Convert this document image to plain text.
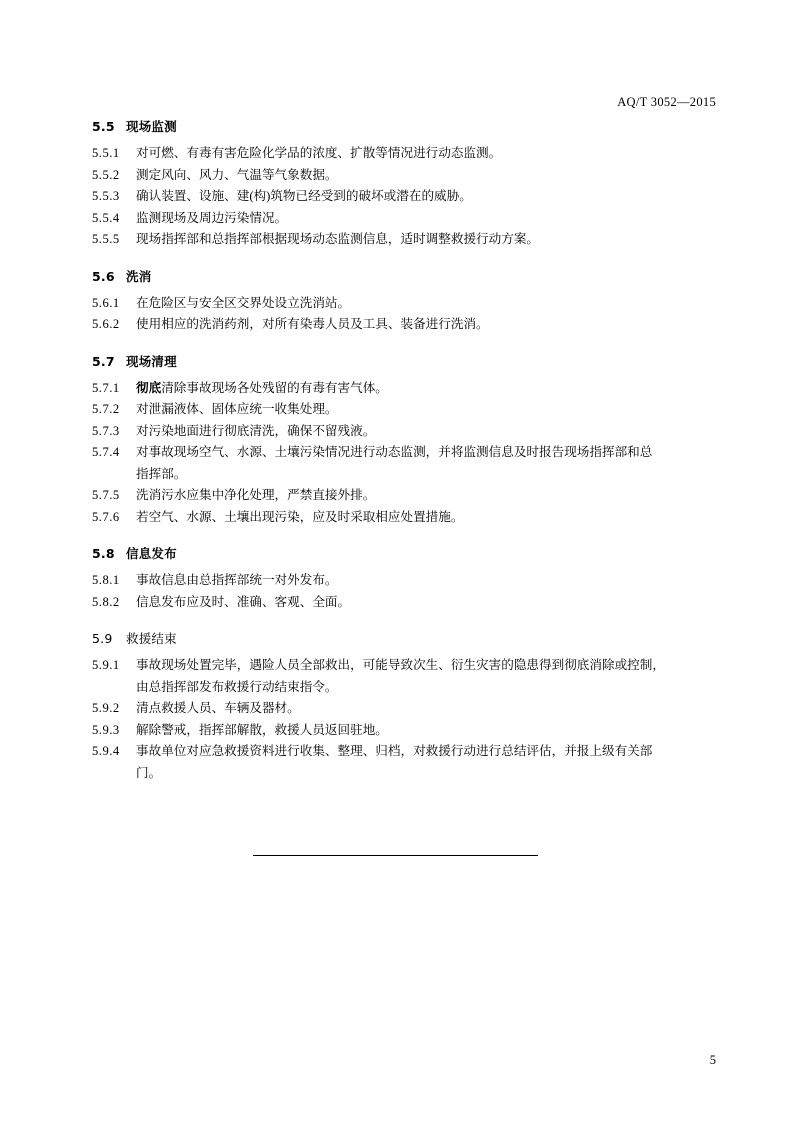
AQ/T 3052—2015
5.5 现场监测
5.5.1	对可燃、有毒有害危险化学品的浓度、扩散等情况进行动态监测。
5.5.2	测定风向、风力、气温等气象数据。
5.5.3	确认装置、设施、建(构)筑物已经受到的破坏或潜在的威胁。
5.5.4	监测现场及周边污染情况。
5.5.5	现场指挥部和总指挥部根据现场动态监测信息，适时调整救援行动方案。
5.6 洗消
5.6.1	在危险区与安全区交界处设立洗消站。
5.6.2	使用相应的洗消药剂，对所有染毒人员及工具、装备进行洗消。
5.7 现场清理
5.7.1	彻底清除事故现场各处残留的有毒有害气体。
5.7.2	对泄漏液体、固体应统一收集处理。
5.7.3	对污染地面进行彻底清洗，确保不留残液。
5.7.4	对事故现场空气、水源、土壤污染情况进行动态监测，并将监测信息及时报告现场指挥部和总
指挥部。
5.7.5	洗消污水应集中净化处理，严禁直接外排。
5.7.6	若空气、水源、土壤出现污染，应及时采取相应处置措施。
5.8 信息发布
5.8.1	事故信息由总指挥部统一对外发布。
5.8.2	信息发布应及时、准确、客观、全面。
5.9 救援结束
5.9.1	事故现场处置完毕，遇险人员全部救出，可能导致次生、衍生灾害的隐患得到彻底消除或控制，
由总指挥部发布救援行动结束指令。
5.9.2	清点救援人员、车辆及器材。
5.9.3	解除警戒，指挥部解散，救援人员返回驻地。
5.9.4	事故单位对应急救援资料进行收集、整理、归档，对救援行动进行总结评估，并报上级有关部
门。
5
